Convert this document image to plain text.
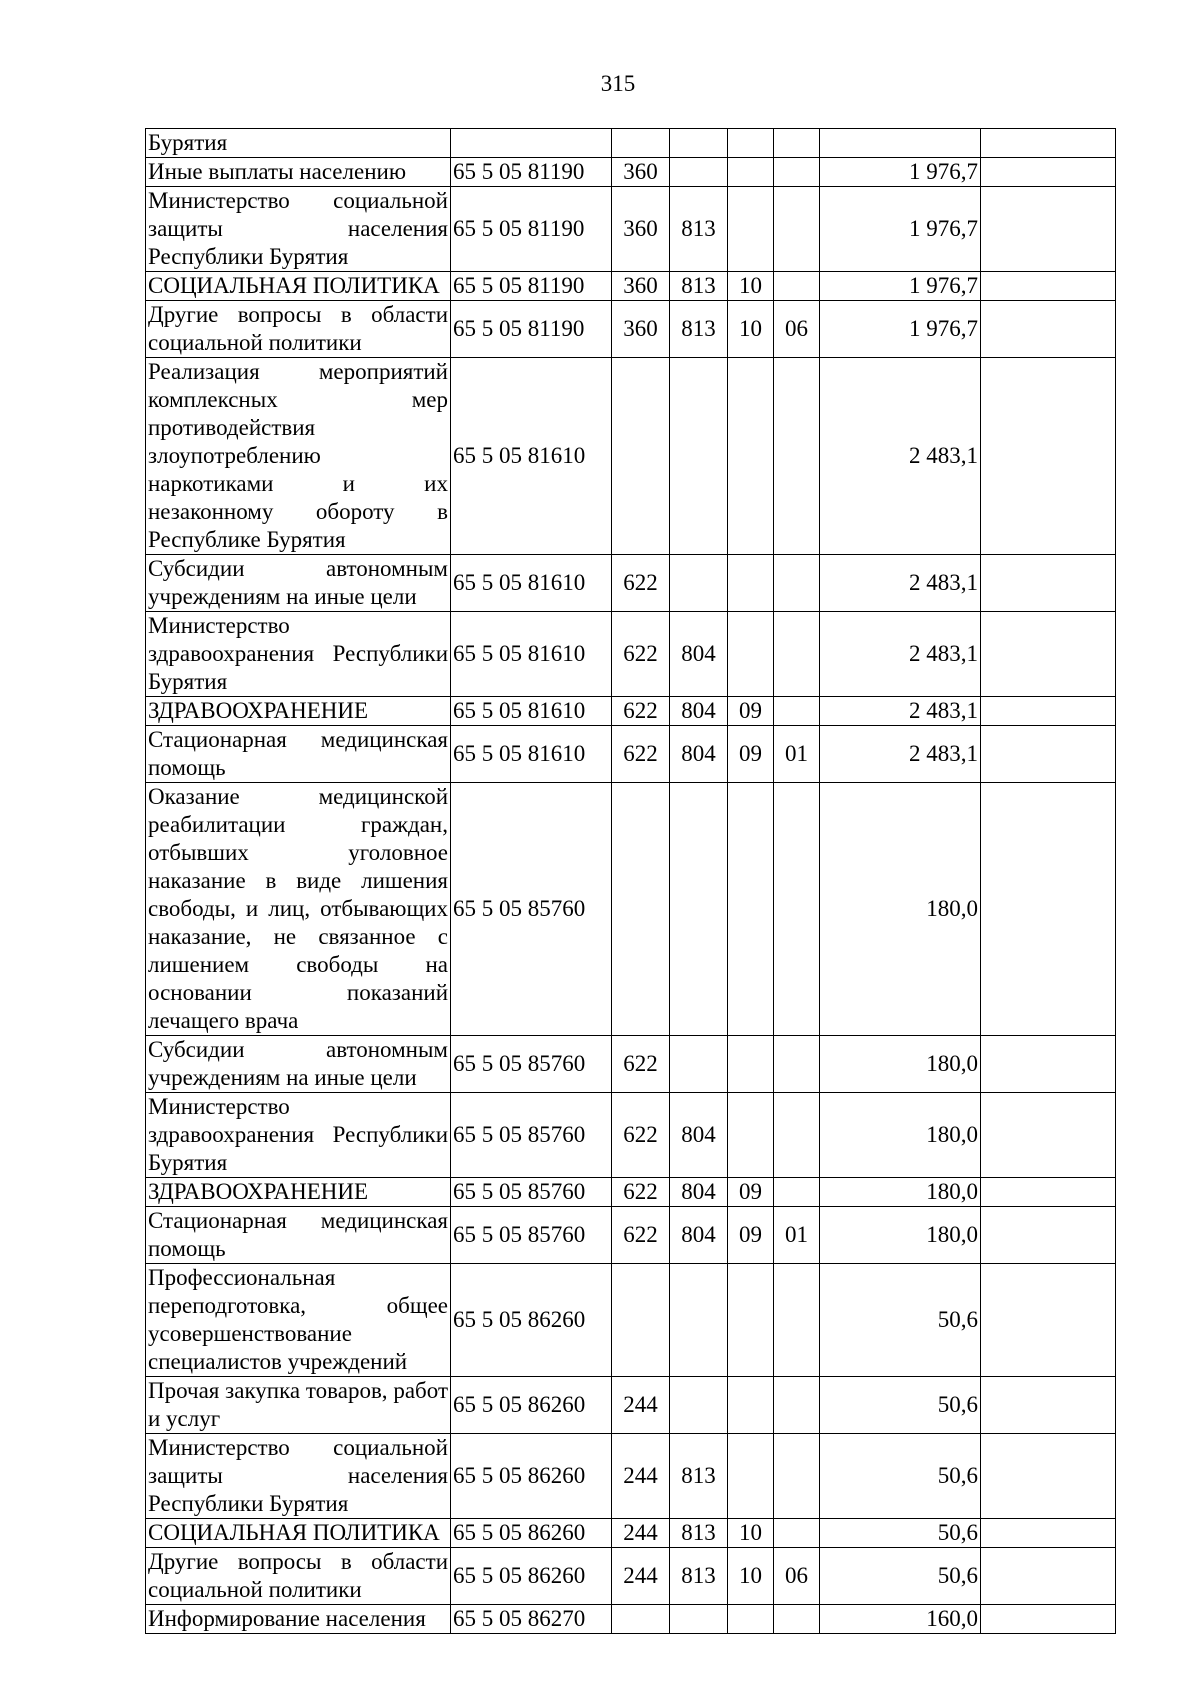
315
Бурятия							
Иные выплаты населению	65 5 05 81190	360				1 976,7	
Министерство социальной защиты населения Республики Бурятия	65 5 05 81190	360	813			1 976,7	
СОЦИАЛЬНАЯ ПОЛИТИКА	65 5 05 81190	360	813	10		1 976,7	
Другие вопросы в области социальной политики	65 5 05 81190	360	813	10	06	1 976,7	
Реализация мероприятий комплексных мер противодействия злоупотреблению наркотиками и их незаконному обороту в Республике Бурятия	65 5 05 81610					2 483,1	
Субсидии автономным учреждениям на иные цели	65 5 05 81610	622				2 483,1	
Министерство здравоохранения Республики Бурятия	65 5 05 81610	622	804			2 483,1	
ЗДРАВООХРАНЕНИЕ	65 5 05 81610	622	804	09		2 483,1	
Стационарная медицинская помощь	65 5 05 81610	622	804	09	01	2 483,1	
Оказание медицинской реабилитации граждан, отбывших уголовное наказание в виде лишения свободы, и лиц, отбывающих наказание, не связанное с лишением свободы на основании показаний лечащего врача	65 5 05 85760					180,0	
Субсидии автономным учреждениям на иные цели	65 5 05 85760	622				180,0	
Министерство здравоохранения Республики Бурятия	65 5 05 85760	622	804			180,0	
ЗДРАВООХРАНЕНИЕ	65 5 05 85760	622	804	09		180,0	
Стационарная медицинская помощь	65 5 05 85760	622	804	09	01	180,0	
Профессиональная переподготовка, общее усовершенствование специалистов учреждений	65 5 05 86260					50,6	
Прочая закупка товаров, работ и услуг	65 5 05 86260	244				50,6	
Министерство социальной защиты населения Республики Бурятия	65 5 05 86260	244	813			50,6	
СОЦИАЛЬНАЯ ПОЛИТИКА	65 5 05 86260	244	813	10		50,6	
Другие вопросы в области социальной политики	65 5 05 86260	244	813	10	06	50,6	
Информирование населения	65 5 05 86270					160,0	
